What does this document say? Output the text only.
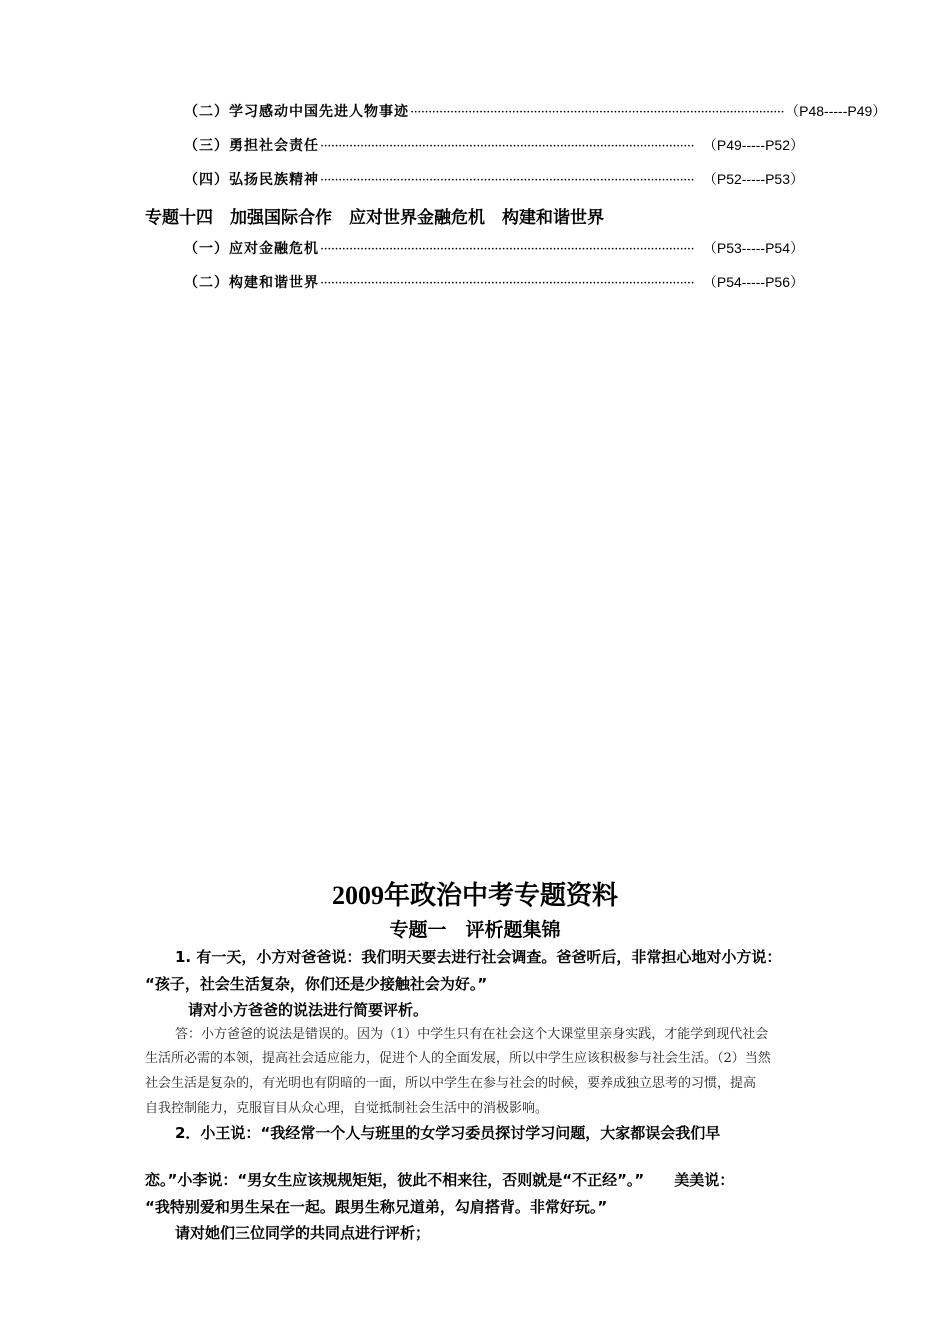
（二）学习感动中国先进人物事迹 ······································································································· （P48-----P49）
（三）勇担社会责任 ······································································································· （P49-----P52）
（四）弘扬民族精神 ······································································································· （P52-----P53）
专题十四　加强国际合作　应对世界金融危机　构建和谐世界
（一）应对金融危机 ······································································································· （P53-----P54）
（二）构建和谐世界 ······································································································· （P54-----P56）
2009年政治中考专题资料
专题一　评析题集锦
1. 有一天，小方对爸爸说：我们明天要去进行社会调查。爸爸听后，非常担心地对小方说：
“孩子，社会生活复杂，你们还是少接触社会为好。”
请对小方爸爸的说法进行简要评析。
答：小方爸爸的说法是错误的。因为（1）中学生只有在社会这个大课堂里亲身实践，才能学到现代社会
生活所必需的本领，提高社会适应能力，促进个人的全面发展，所以中学生应该积极参与社会生活。（2）当然
社会生活是复杂的，有光明也有阴暗的一面，所以中学生在参与社会的时候，要养成独立思考的习惯，提高
自我控制能力，克服盲目从众心理，自觉抵制社会生活中的消极影响。
2．小王说：“我经常一个人与班里的女学习委员探讨学习问题，大家都误会我们早
恋。”小李说：“男女生应该规规矩矩，彼此不相来往，否则就是“不正经”。”　　美美说：
“我特别爱和男生呆在一起。跟男生称兄道弟，勾肩搭背。非常好玩。”
请对她们三位同学的共同点进行评析；
